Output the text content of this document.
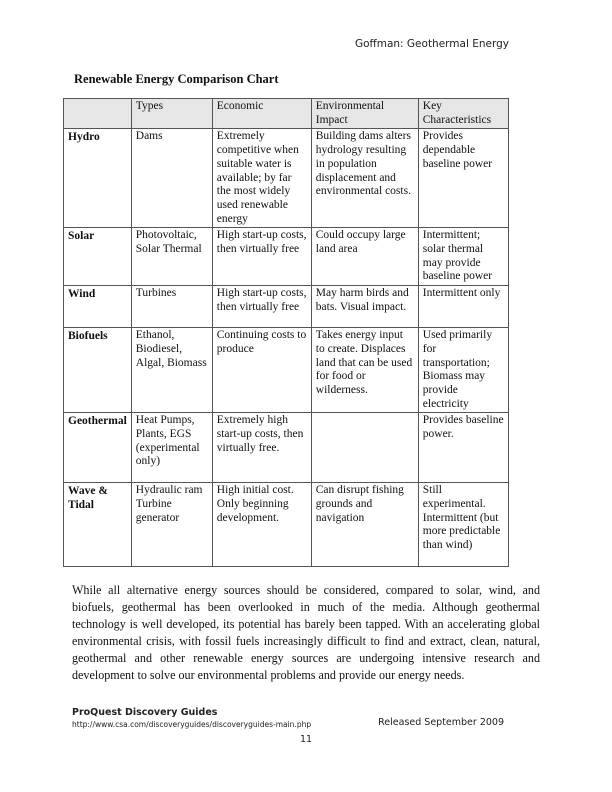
Goffman: Geothermal Energy
Renewable Energy Comparison Chart
	Types	Economic	Environmental Impact	Key Characteristics
Hydro	Dams	Extremely competitive when suitable water is available; by far the most widely used renewable energy	Building dams alters hydrology resulting in population displacement and environmental costs.	Provides dependable baseline power
Solar	Photovoltaic, Solar Thermal	High start-up costs, then virtually free	Could occupy large land area	Intermittent; solar thermal may provide baseline power
Wind	Turbines	High start-up costs, then virtually free	May harm birds and bats. Visual impact.	Intermittent only
Biofuels	Ethanol, Biodiesel, Algal, Biomass	Continuing costs to produce	Takes energy input to create. Displaces land that can be used for food or wilderness.	Used primarily for transportation; Biomass may provide electricity
Geothermal	Heat Pumps, Plants, EGS (experimental only)	Extremely high start-up costs, then virtually free.		Provides baseline power.
Wave & Tidal	Hydraulic ram Turbine generator	High initial cost. Only beginning development.	Can disrupt fishing grounds and navigation	Still experimental. Intermittent (but more predictable than wind)

While all alternative energy sources should be considered, compared to solar, wind, and biofuels, geothermal has been overlooked in much of the media. Although geothermal technology is well developed, its potential has barely been tapped. With an accelerating global environmental crisis, with fossil fuels increasingly difficult to find and extract, clean, natural, geothermal and other renewable energy sources are undergoing intensive research and development to solve our environmental problems and provide our energy needs.

ProQuest Discovery Guides
http://www.csa.com/discoveryguides/discoveryguides-main.php	Released September 2009
11
